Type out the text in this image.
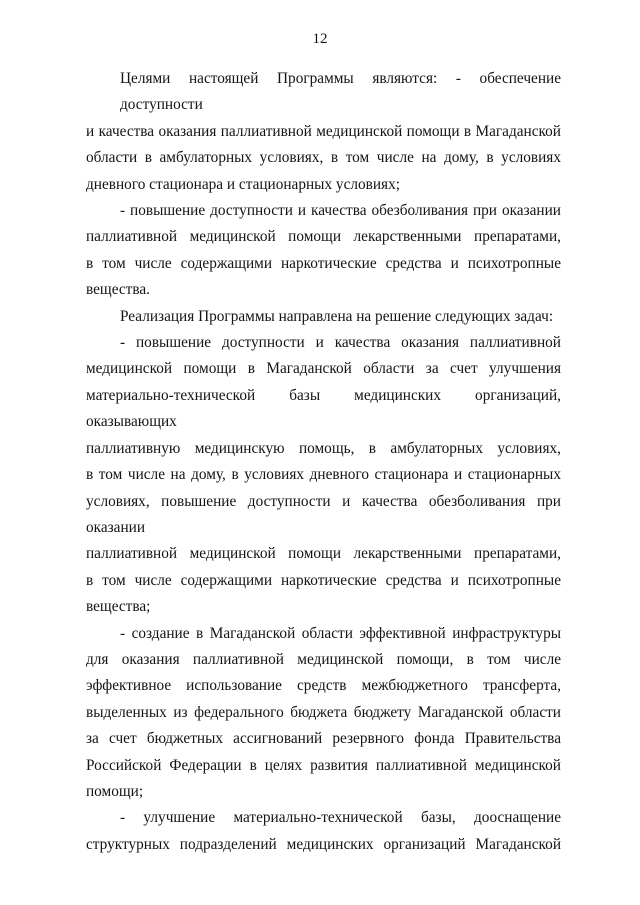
12
Целями настоящей Программы являются: - обеспечение доступности
и качества оказания паллиативной медицинской помощи в Магаданской
области в амбулаторных условиях, в том числе на дому, в условиях
дневного стационара и стационарных условиях;
- повышение доступности и качества обезболивания при оказании
паллиативной медицинской помощи лекарственными препаратами,
в том числе содержащими наркотические средства и психотропные
вещества.
Реализация Программы направлена на решение следующих задач:
- повышение доступности и качества оказания паллиативной
медицинской помощи в Магаданской области за счет улучшения
материально-технической базы медицинских организаций, оказывающих
паллиативную медицинскую помощь, в амбулаторных условиях,
в том числе на дому, в условиях дневного стационара и стационарных
условиях, повышение доступности и качества обезболивания при оказании
паллиативной медицинской помощи лекарственными препаратами,
в том числе содержащими наркотические средства и психотропные
вещества;
- создание в Магаданской области эффективной инфраструктуры
для оказания паллиативной медицинской помощи, в том числе
эффективное использование средств межбюджетного трансферта,
выделенных из федерального бюджета бюджету Магаданской области
за счет бюджетных ассигнований резервного фонда Правительства
Российской Федерации в целях развития паллиативной медицинской
помощи;
- улучшение материально-технической базы, дооснащение
структурных подразделений медицинских организаций Магаданской
